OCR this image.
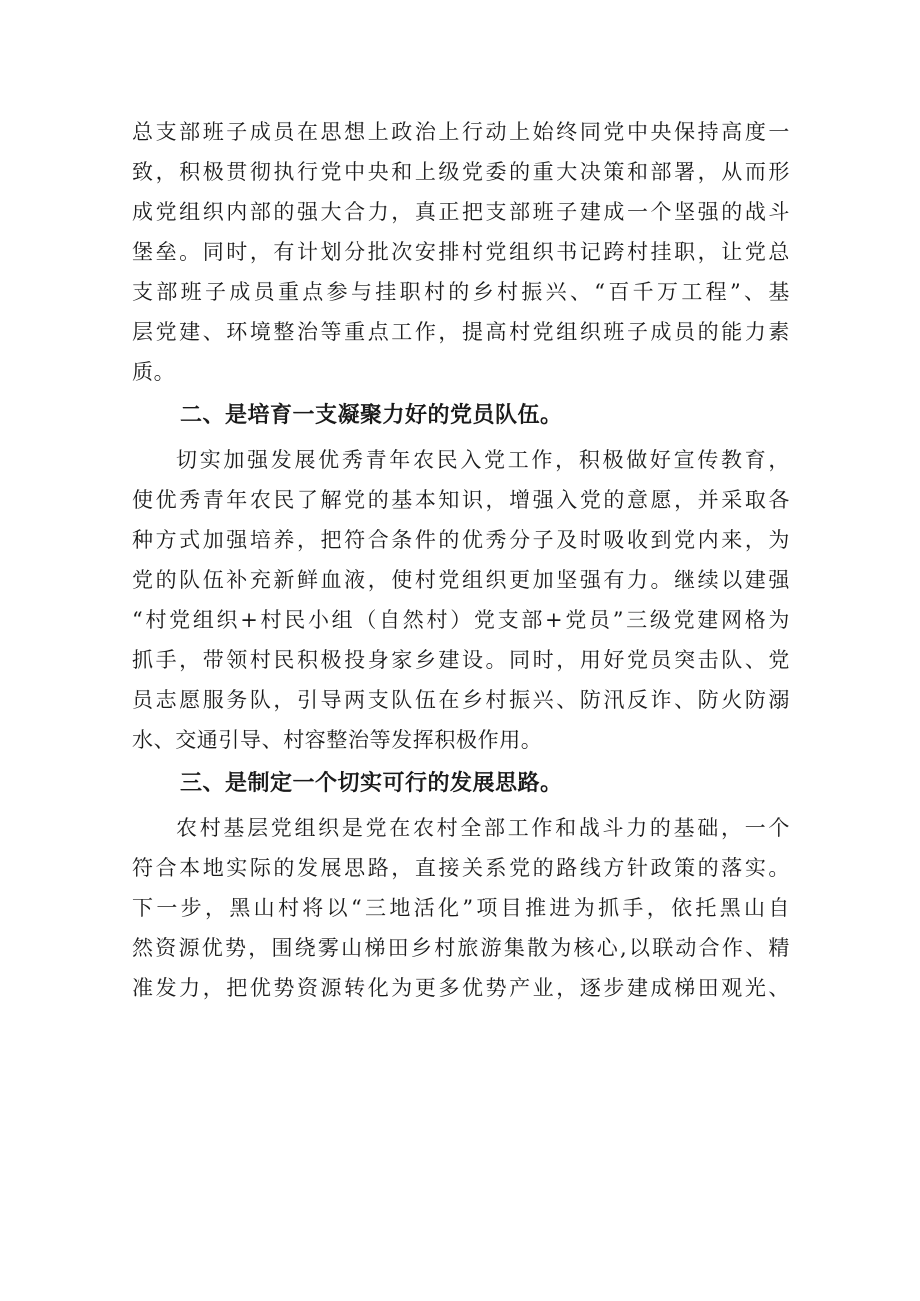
总支部班子成员在思想上政治上行动上始终同党中央保持高度一
致，积极贯彻执行党中央和上级党委的重大决策和部署，从而形
成党组织内部的强大合力，真正把支部班子建成一个坚强的战斗
堡垒。同时，有计划分批次安排村党组织书记跨村挂职，让党总
支部班子成员重点参与挂职村的乡村振兴、“百千万工程”、基
层党建、环境整治等重点工作，提高村党组织班子成员的能力素
质。
二、是培育一支凝聚力好的党员队伍。
切实加强发展优秀青年农民入党工作，积极做好宣传教育，
使优秀青年农民了解党的基本知识，增强入党的意愿，并采取各
种方式加强培养，把符合条件的优秀分子及时吸收到党内来，为
党的队伍补充新鲜血液，使村党组织更加坚强有力。继续以建强
“村党组织+村民小组（自然村）党支部+党员”三级党建网格为
抓手，带领村民积极投身家乡建设。同时，用好党员突击队、党
员志愿服务队，引导两支队伍在乡村振兴、防汛反诈、防火防溺
水、交通引导、村容整治等发挥积极作用。
三、是制定一个切实可行的发展思路。
农村基层党组织是党在农村全部工作和战斗力的基础，一个
符合本地实际的发展思路，直接关系党的路线方针政策的落实。
下一步，黑山村将以“三地活化”项目推进为抓手，依托黑山自
然资源优势，围绕雾山梯田乡村旅游集散为核心,以联动合作、精
准发力，把优势资源转化为更多优势产业，逐步建成梯田观光、
